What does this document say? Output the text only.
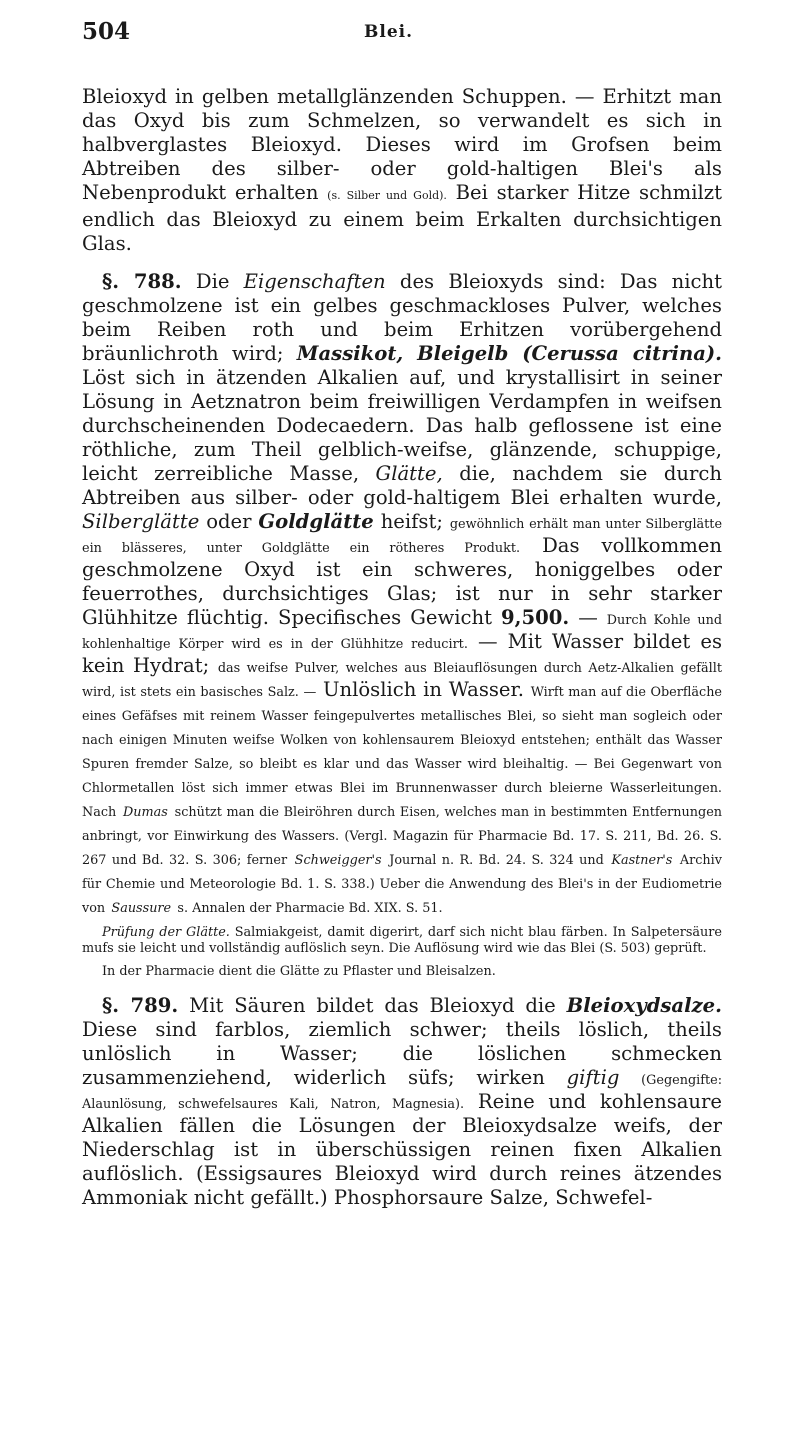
504	Blei.

Bleioxyd in gelben metallglänzenden Schuppen. — Erhitzt man das Oxyd bis zum Schmelzen, so verwandelt es sich in halbverglastes Bleioxyd. Dieses wird im Grofsen beim Abtreiben des silber- oder gold-haltigen Blei's als Nebenprodukt erhalten (s. Silber und Gold). Bei starker Hitze schmilzt endlich das Bleioxyd zu einem beim Erkalten durchsichtigen Glas.

§. 788. Die Eigenschaften des Bleioxyds sind: Das nicht geschmolzene ist ein gelbes geschmackloses Pulver, welches beim Reiben roth und beim Erhitzen vorübergehend bräunlichroth wird; Massikot, Bleigelb (Cerussa citrina). Löst sich in ätzenden Alkalien auf, und krystallisirt in seiner Lösung in Aetznatron beim freiwilligen Verdampfen in weifsen durchscheinenden Dodecaedern. Das halb geflossene ist eine röthliche, zum Theil gelblich-weifse, glänzende, schuppige, leicht zerreibliche Masse, Glätte, die, nachdem sie durch Abtreiben aus silber- oder gold-haltigem Blei erhalten wurde, Silberglätte oder Goldglätte heifst; gewöhnlich erhält man unter Silberglätte ein blässeres, unter Goldglätte ein rötheres Produkt. Das vollkommen geschmolzene Oxyd ist ein schweres, honiggelbes oder feuerrothes, durchsichtiges Glas; ist nur in sehr starker Glühhitze flüchtig. Specifisches Gewicht 9,500. — Durch Kohle und kohlenhaltige Körper wird es in der Glühhitze reducirt. — Mit Wasser bildet es kein Hydrat; das weifse Pulver, welches aus Bleiauflösungen durch Aetz-Alkalien gefällt wird, ist stets ein basisches Salz. — Unlöslich in Wasser. Wirft man auf die Oberfläche eines Gefäfses mit reinem Wasser feingepulvertes metallisches Blei, so sieht man sogleich oder nach einigen Minuten weifse Wolken von kohlensaurem Bleioxyd entstehen; enthält das Wasser Spuren fremder Salze, so bleibt es klar und das Wasser wird bleihaltig. — Bei Gegenwart von Chlormetallen löst sich immer etwas Blei im Brunnenwasser durch bleierne Wasserleitungen. Nach Dumas schützt man die Bleiröhren durch Eisen, welches man in bestimmten Entfernungen anbringt, vor Einwirkung des Wassers. (Vergl. Magazin für Pharmacie Bd. 17. S. 211, Bd. 26. S. 267 und Bd. 32. S. 306; ferner Schweigger's Journal n. R. Bd. 24. S. 324 und Kastner's Archiv für Chemie und Meteorologie Bd. 1. S. 338.) Ueber die Anwendung des Blei's in der Eudiometrie von Saussure s. Annalen der Pharmacie Bd. XIX. S. 51.

Prüfung der Glätte. Salmiakgeist, damit digerirt, darf sich nicht blau färben. In Salpetersäure mufs sie leicht und vollständig auflöslich seyn. Die Auflösung wird wie das Blei (S. 503) geprüft.

In der Pharmacie dient die Glätte zu Pflaster und Bleisalzen.

§. 789. Mit Säuren bildet das Bleioxyd die Bleioxydsalze. Diese sind farblos, ziemlich schwer; theils löslich, theils unlöslich in Wasser; die löslichen schmecken zusammenziehend, widerlich süfs; wirken giftig (Gegengifte: Alaunlösung, schwefelsaures Kali, Natron, Magnesia). Reine und kohlensaure Alkalien fällen die Lösungen der Bleioxydsalze weifs, der Niederschlag ist in überschüssigen reinen fixen Alkalien auflöslich. (Essigsaures Bleioxyd wird durch reines ätzendes Ammoniak nicht gefällt.) Phosphorsaure Salze, Schwefel-
